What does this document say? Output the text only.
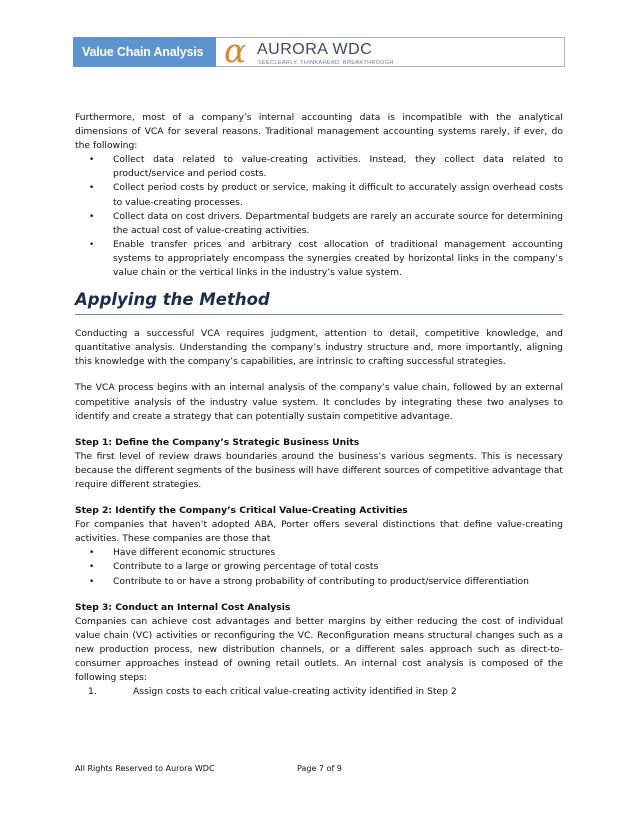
Value Chain Analysis α AURORA WDC
SEECLEARLY. THINKAHEAD. BREAKTHROUGH

Furthermore, most of a company’s internal accounting data is incompatible with the analytical dimensions of VCA for several reasons. Traditional management accounting systems rarely, if ever, do the following:

• Collect data related to value-creating activities. Instead, they collect data related to product/service and period costs.
• Collect period costs by product or service, making it difficult to accurately assign overhead costs to value-creating processes.
• Collect data on cost drivers. Departmental budgets are rarely an accurate source for determining the actual cost of value-creating activities.
• Enable transfer prices and arbitrary cost allocation of traditional management accounting systems to appropriately encompass the synergies created by horizontal links in the company’s value chain or the vertical links in the industry’s value system.
Applying the Method

Conducting a successful VCA requires judgment, attention to detail, competitive knowledge, and quantitative analysis. Understanding the company’s industry structure and, more importantly, aligning this knowledge with the company’s capabilities, are intrinsic to crafting successful strategies.

The VCA process begins with an internal analysis of the company’s value chain, followed by an external competitive analysis of the industry value system. It concludes by integrating these two analyses to identify and create a strategy that can potentially sustain competitive advantage.

Step 1: Define the Company’s Strategic Business Units

The first level of review draws boundaries around the business’s various segments. This is necessary because the different segments of the business will have different sources of competitive advantage that require different strategies.

Step 2: Identify the Company’s Critical Value-Creating Activities

For companies that haven’t adopted ABA, Porter offers several distinctions that define value-creating activities. These companies are those that

• Have different economic structures
• Contribute to a large or growing percentage of total costs
• Contribute to or have a strong probability of contributing to product/service differentiation

Step 3: Conduct an Internal Cost Analysis

Companies can achieve cost advantages and better margins by either reducing the cost of individual value chain (VC) activities or reconfiguring the VC. Reconfiguration means structural changes such as a new production process, new distribution channels, or a different sales approach such as direct-to-consumer approaches instead of owning retail outlets. An internal cost analysis is composed of the following steps:

1.	Assign costs to each critical value-creating activity identified in Step 2
All Rights Reserved to Aurora WDC	Page 7 of 9
